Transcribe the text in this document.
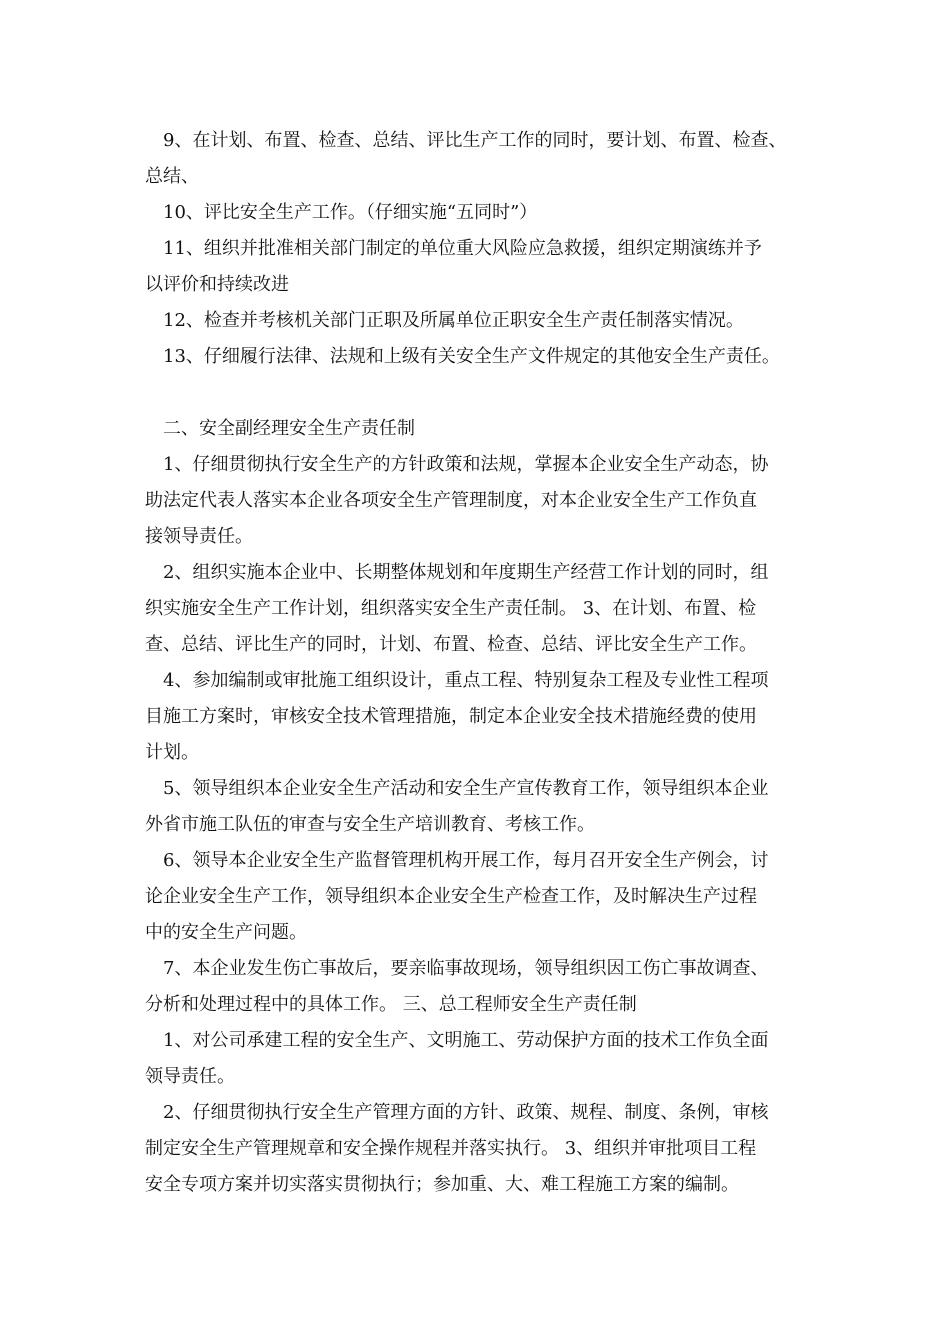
9、在计划、布置、检查、总结、评比生产工作的同时，要计划、布置、检查、
总结、

10、评比安全生产工作。（仔细实施“五同时”）

11、组织并批准相关部门制定的单位重大风险应急救援，组织定期演练并予
以评价和持续改进

12、检查并考核机关部门正职及所属单位正职安全生产责任制落实情况。

13、仔细履行法律、法规和上级有关安全生产文件规定的其他安全生产责任。

二、安全副经理安全生产责任制

1、仔细贯彻执行安全生产的方针政策和法规，掌握本企业安全生产动态，协
助法定代表人落实本企业各项安全生产管理制度，对本企业安全生产工作负直
接领导责任。

2、组织实施本企业中、长期整体规划和年度期生产经营工作计划的同时，组
织实施安全生产工作计划，组织落实安全生产责任制。 3、在计划、布置、检
查、总结、评比生产的同时，计划、布置、检查、总结、评比安全生产工作。

4、参加编制或审批施工组织设计，重点工程、特别复杂工程及专业性工程项
目施工方案时，审核安全技术管理措施，制定本企业安全技术措施经费的使用
计划。

5、领导组织本企业安全生产活动和安全生产宣传教育工作，领导组织本企业
外省市施工队伍的审查与安全生产培训教育、考核工作。

6、领导本企业安全生产监督管理机构开展工作，每月召开安全生产例会，讨
论企业安全生产工作，领导组织本企业安全生产检查工作，及时解决生产过程
中的安全生产问题。

7、本企业发生伤亡事故后，要亲临事故现场，领导组织因工伤亡事故调查、
分析和处理过程中的具体工作。 三、总工程师安全生产责任制

1、对公司承建工程的安全生产、文明施工、劳动保护方面的技术工作负全面
领导责任。

2、仔细贯彻执行安全生产管理方面的方针、政策、规程、制度、条例，审核
制定安全生产管理规章和安全操作规程并落实执行。 3、组织并审批项目工程
安全专项方案并切实落实贯彻执行；参加重、大、难工程施工方案的编制。
